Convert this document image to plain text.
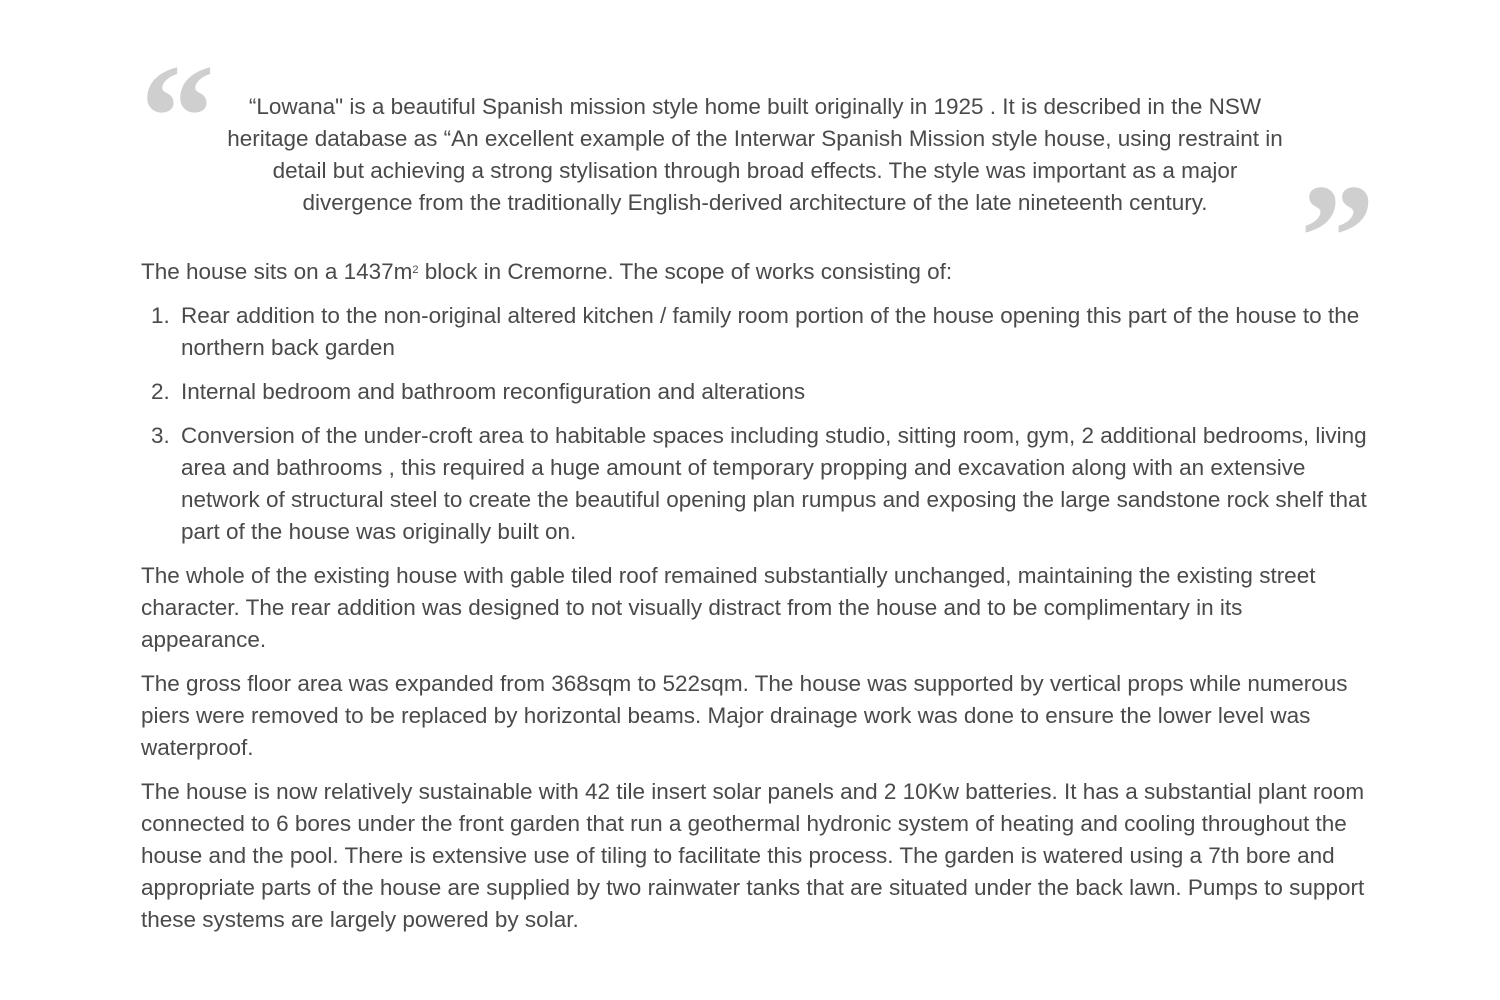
“	“Lowana" is a beautiful Spanish mission style home built originally in 1925 . It is described in the NSW
heritage database as “An excellent example of the Interwar Spanish Mission style house, using restraint in
detail but achieving a strong stylisation through broad effects. The style was important as a major
divergence from the traditionally English-derived architecture of the late nineteenth century. ”

The house sits on a $1437m^2$ block in Cremorne. The scope of works consisting of:

1. Rear addition to the non-original altered kitchen / family room portion of the house opening this part of the house to the northern back garden
2. Internal bedroom and bathroom reconfiguration and alterations
3. Conversion of the under-croft area to habitable spaces including studio, sitting room, gym, 2 additional bedrooms, living area and bathrooms , this required a huge amount of temporary propping and excavation along with an extensive network of structural steel to create the beautiful opening plan rumpus and exposing the large sandstone rock shelf that part of the house was originally built on.

The whole of the existing house with gable tiled roof remained substantially unchanged, maintaining the existing street character. The rear addition was designed to not visually distract from the house and to be complimentary in its appearance.

The gross floor area was expanded from 368sqm to 522sqm. The house was supported by vertical props while numerous piers were removed to be replaced by horizontal beams. Major drainage work was done to ensure the lower level was waterproof.

The house is now relatively sustainable with 42 tile insert solar panels and 2 10Kw batteries. It has a substantial plant room connected to 6 bores under the front garden that run a geothermal hydronic system of heating and cooling throughout the house and the pool. There is extensive use of tiling to facilitate this process. The garden is watered using a 7th bore and appropriate parts of the house are supplied by two rainwater tanks that are situated under the back lawn. Pumps to support these systems are largely powered by solar.
